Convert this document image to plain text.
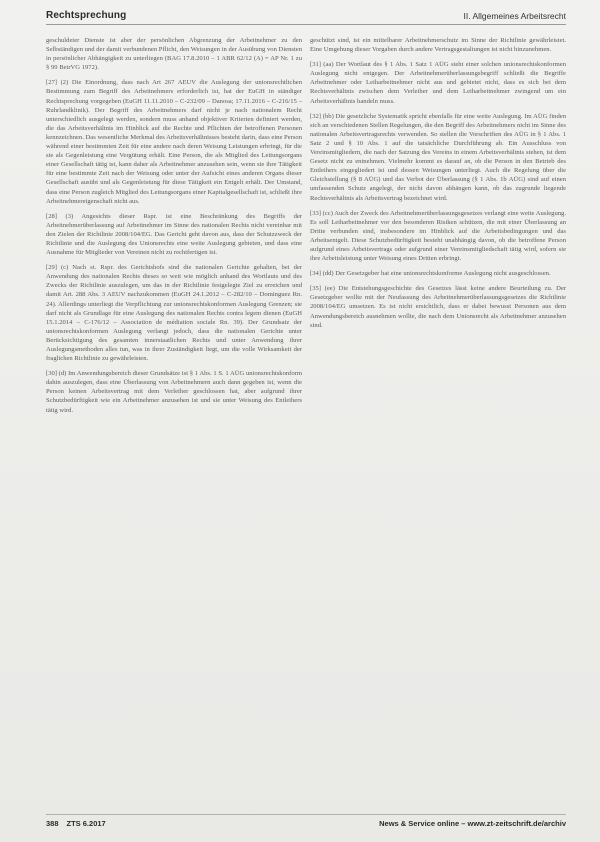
Rechtsprechung	II. Allgemeines Arbeitsrecht

geschuldeter Dienste ist aber der persönlichen Abgrenzung der Arbeitnehmer zu den Selbständigen und der damit verbundenen Pflicht, den Weisungen in der Ausübung von Diensten in persönlicher Abhängigkeit zu unterliegen (BAG 17.8.2010 – 1 ABR 62/12 (A) = AP Nr. 1 zu § 99 BetrVG 1972).

[27] (2) Die Einordnung, dass nach Art 267 AEUV die Auslegung der unionsrechtlichen Bestimmung zum Begriff des Arbeitnehmers erforderlich ist, hat der EuGH in ständiger Rechtsprechung vorgegeben (EuGH 11.11.2010 – C-232/09 – Danosa; 17.11.2016 – C-216/15 – Ruhrlandklinik). Der Begriff des Arbeitnehmers darf nicht je nach nationalem Recht unterschiedlich ausgelegt werden, sondern muss anhand objektiver Kriterien definiert werden, die das Arbeitsverhältnis im Hinblick auf die Rechte und Pflichten der betroffenen Personen kennzeichnen. Das wesentliche Merkmal des Arbeitsverhältnisses besteht darin, dass eine Person während einer bestimmten Zeit für eine andere nach deren Weisung Leistungen erbringt, für die sie als Gegenleistung eine Vergütung erhält. Eine Person, die als Mitglied des Leitungsorgans einer Gesellschaft tätig ist, kann daher als Arbeitnehmer anzusehen sein, wenn sie ihre Tätigkeit für eine bestimmte Zeit nach der Weisung oder unter der Aufsicht eines anderen Organs dieser Gesellschaft ausübt und als Gegenleistung für diese Tätigkeit ein Entgelt erhält. Der Umstand, dass eine Person zugleich Mitglied des Leitungsorgans einer Kapitalgesellschaft ist, schließt ihre Arbeitnehmereigenschaft nicht aus.

[28] (3) Angesichts dieser Rspr. ist eine Beschränkung des Begriffs der Arbeitnehmerüberlassung auf Arbeitnehmer im Sinne des nationalen Rechts nicht vereinbar mit den Zielen der Richtlinie 2008/104/EG. Das Gericht geht davon aus, dass der Schutzzweck der Richtlinie und die Auslegung des Unionsrechts eine weite Auslegung gebieten, und dass eine Ausnahme für Mitglieder von Vereinen nicht zu rechtfertigen ist.

[29] (c) Nach st. Rspr. des Gerichtshofs sind die nationalen Gerichte gehalten, bei der Anwendung des nationalen Rechts dieses so weit wie möglich anhand des Wortlauts und des Zwecks der Richtlinie auszulegen, um das in der Richtlinie festgelegte Ziel zu erreichen und damit Art. 288 Abs. 3 AEUV nachzukommen (EuGH 24.1.2012 – C-282/10 – Dominguez Rn. 24). Allerdings unterliegt die Verpflichtung zur unionsrechtskonformen Auslegung Grenzen; sie darf nicht als Grundlage für eine Auslegung des nationalen Rechts contra legem dienen (EuGH 15.1.2014 – C-176/12 – Association de médiation sociale Rn. 39). Der Grundsatz der unionsrechtskonformen Auslegung verlangt jedoch, dass die nationalen Gerichte unter Berücksichtigung des gesamten innerstaatlichen Rechts und unter Anwendung ihrer Auslegungsmethoden alles tun, was in ihrer Zuständigkeit liegt, um die volle Wirksamkeit der fraglichen Richtlinie zu gewährleisten.

[30] (d) Im Anwendungsbereich dieser Grundsätze ist § 1 Abs. 1 S. 1 AÜG unionsrechtskonform dahin auszulegen, dass eine Überlassung von Arbeitnehmern auch dann gegeben ist, wenn die Person keinen Arbeitsvertrag mit dem Verleiher geschlossen hat, aber aufgrund ihrer Schutzbedürftigkeit wie ein Arbeitnehmer anzusehen ist und sie unter Weisung des Entleihers tätig wird.

geschützt sind, ist ein mittelbarer Arbeitnehmerschutz im Sinne der Richtlinie gewährleistet. Eine Umgehung dieser Vorgaben durch andere Vertragsgestaltungen ist nicht hinzunehmen.

[31] (aa) Der Wortlaut des § 1 Abs. 1 Satz 1 AÜG steht einer solchen unionsrechtskonformen Auslegung nicht entgegen. Der Arbeitnehmerüberlassungsbegriff schließt die Begriffe Arbeitnehmer oder Leiharbeitnehmer nicht aus und gebietet nicht, dass es sich bei dem Rechtsverhältnis zwischen dem Verleiher und dem Leiharbeitnehmer zwingend um ein Arbeitsverhältnis handeln muss.

[32] (bb) Die gesetzliche Systematik spricht ebenfalls für eine weite Auslegung. Im AÜG finden sich an verschiedenen Stellen Regelungen, die den Begriff des Arbeitnehmers nicht im Sinne des nationalen Arbeitsvertragsrechts verwenden. So stellen die Vorschriften des AÜG in § 1 Abs. 1 Satz 2 und § 10 Abs. 1 auf die tatsächliche Durchführung ab. Ein Ausschluss von Vereinsmitgliedern, die nach der Satzung des Vereins in einem Arbeitsverhältnis stehen, ist dem Gesetz nicht zu entnehmen. Vielmehr kommt es darauf an, ob die Person in den Betrieb des Entleihers eingegliedert ist und dessen Weisungen unterliegt. Auch die Regelung über die Gleichstellung (§ 8 AÜG) und das Verbot der Überlassung (§ 1 Abs. 1b AÜG) sind auf einen umfassenden Schutz angelegt, der nicht davon abhängen kann, ob das zugrunde liegende Rechtsverhältnis als Arbeitsvertrag bezeichnet wird.

[33] (cc) Auch der Zweck des Arbeitnehmerüberlassungsgesetzes verlangt eine weite Auslegung. Es soll Leiharbeitnehmer vor den besonderen Risiken schützen, die mit einer Überlassung an Dritte verbunden sind, insbesondere im Hinblick auf die Arbeitsbedingungen und das Arbeitsentgelt. Diese Schutzbedürftigkeit besteht unabhängig davon, ob die betroffene Person aufgrund eines Arbeitsvertrags oder aufgrund einer Vereinsmitgliedschaft tätig wird, sofern sie ihre Arbeitsleistung unter Weisung eines Dritten erbringt.

[34] (dd) Der Gesetzgeber hat eine unionsrechtskonforme Auslegung nicht ausgeschlossen.

[35] (ee) Die Entstehungsgeschichte des Gesetzes lässt keine andere Beurteilung zu. Der Gesetzgeber wollte mit der Neufassung des Arbeitnehmerüberlassungsgesetzes die Richtlinie 2008/104/EG umsetzen. Es ist nicht ersichtlich, dass er dabei bewusst Personen aus dem Anwendungsbereich ausnehmen wollte, die nach dem Unionsrecht als Arbeitnehmer anzusehen sind.

388 ZTS 6.2017	News & Service online – www.zt-zeitschrift.de/archiv
